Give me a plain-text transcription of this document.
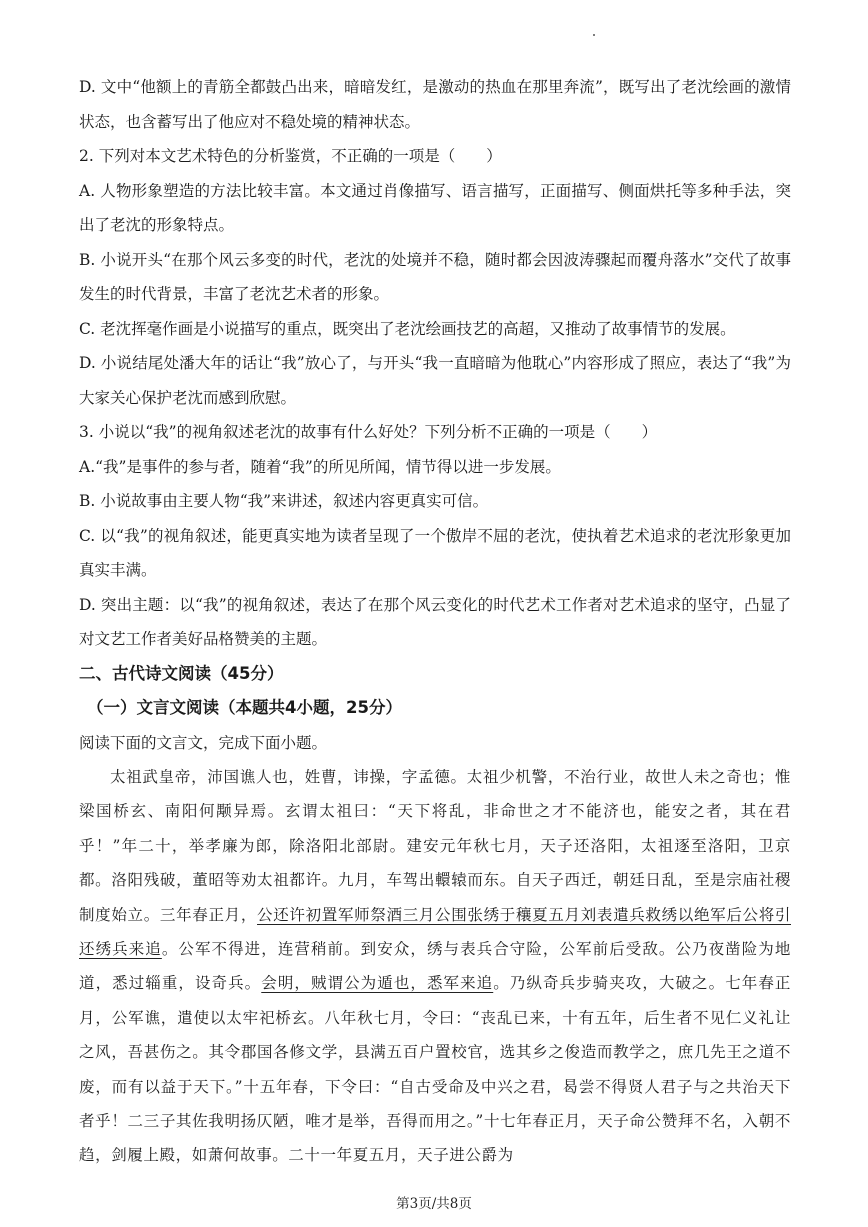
D. 文中“他额上的青筋全都鼓凸出来，暗暗发红，是激动的热血在那里奔流”，既写出了老沈绘画的激情状态，也含蓄写出了他应对不稳处境的精神状态。

2. 下列对本文艺术特色的分析鉴赏，不正确的一项是（　　）

A. 人物形象塑造的方法比较丰富。本文通过肖像描写、语言描写，正面描写、侧面烘托等多种手法，突出了老沈的形象特点。

B. 小说开头“在那个风云多变的时代，老沈的处境并不稳，随时都会因波涛骤起而覆舟落水”交代了故事发生的时代背景，丰富了老沈艺术者的形象。

C. 老沈挥毫作画是小说描写的重点，既突出了老沈绘画技艺的高超，又推动了故事情节的发展。

D. 小说结尾处潘大年的话让“我”放心了，与开头“我一直暗暗为他耽心”内容形成了照应，表达了“我”为大家关心保护老沈而感到欣慰。

3. 小说以“我”的视角叙述老沈的故事有什么好处？下列分析不正确的一项是（　　）

A.“我”是事件的参与者，随着“我”的所见所闻，情节得以进一步发展。

B. 小说故事由主要人物“我”来讲述，叙述内容更真实可信。

C. 以“我”的视角叙述，能更真实地为读者呈现了一个傲岸不屈的老沈，使执着艺术追求的老沈形象更加真实丰满。

D. 突出主题：以“我”的视角叙述，表达了在那个风云变化的时代艺术工作者对艺术追求的坚守，凸显了对文艺工作者美好品格赞美的主题。

二、古代诗文阅读（45分）

（一）文言文阅读（本题共4小题，25分）

阅读下面的文言文，完成下面小题。

太祖武皇帝，沛国谯人也，姓曹，讳操，字孟德。太祖少机警，不治行业，故世人未之奇也；惟梁国桥玄、南阳何颙异焉。玄谓太祖曰：“天下将乱，非命世之才不能济也，能安之者，其在君乎！”年二十，举孝廉为郎，除洛阳北部尉。建安元年秋七月，天子还洛阳，太祖逐至洛阳，卫京都。洛阳残破，董昭等劝太祖都许。九月，车驾出轘辕而东。自天子西迁，朝廷日乱，至是宗庙社稷制度始立。三年春正月，公还许初置军师祭酒三月公围张绣于穰夏五月刘表遣兵救绣以绝军后公将引还绣兵来追。公军不得进，连营稍前。到安众，绣与表兵合守险，公军前后受敌。公乃夜凿险为地道，悉过辎重，设奇兵。会明，贼谓公为遁也，悉军来追。乃纵奇兵步骑夹攻，大破之。七年春正月，公军谯，遣使以太牢祀桥玄。八年秋七月，令曰：“丧乱已来，十有五年，后生者不见仁义礼让之风，吾甚伤之。其令郡国各修文学，县满五百户置校官，选其乡之俊造而教学之，庶几先王之道不废，而有以益于天下。”十五年春，下令曰：“自古受命及中兴之君，曷尝不得贤人君子与之共治天下者乎！二三子其佐我明扬仄陋，唯才是举，吾得而用之。”十七年春正月，天子命公赞拜不名，入朝不趋，剑履上殿，如萧何故事。二十一年夏五月，天子进公爵为

第3页/共8页
